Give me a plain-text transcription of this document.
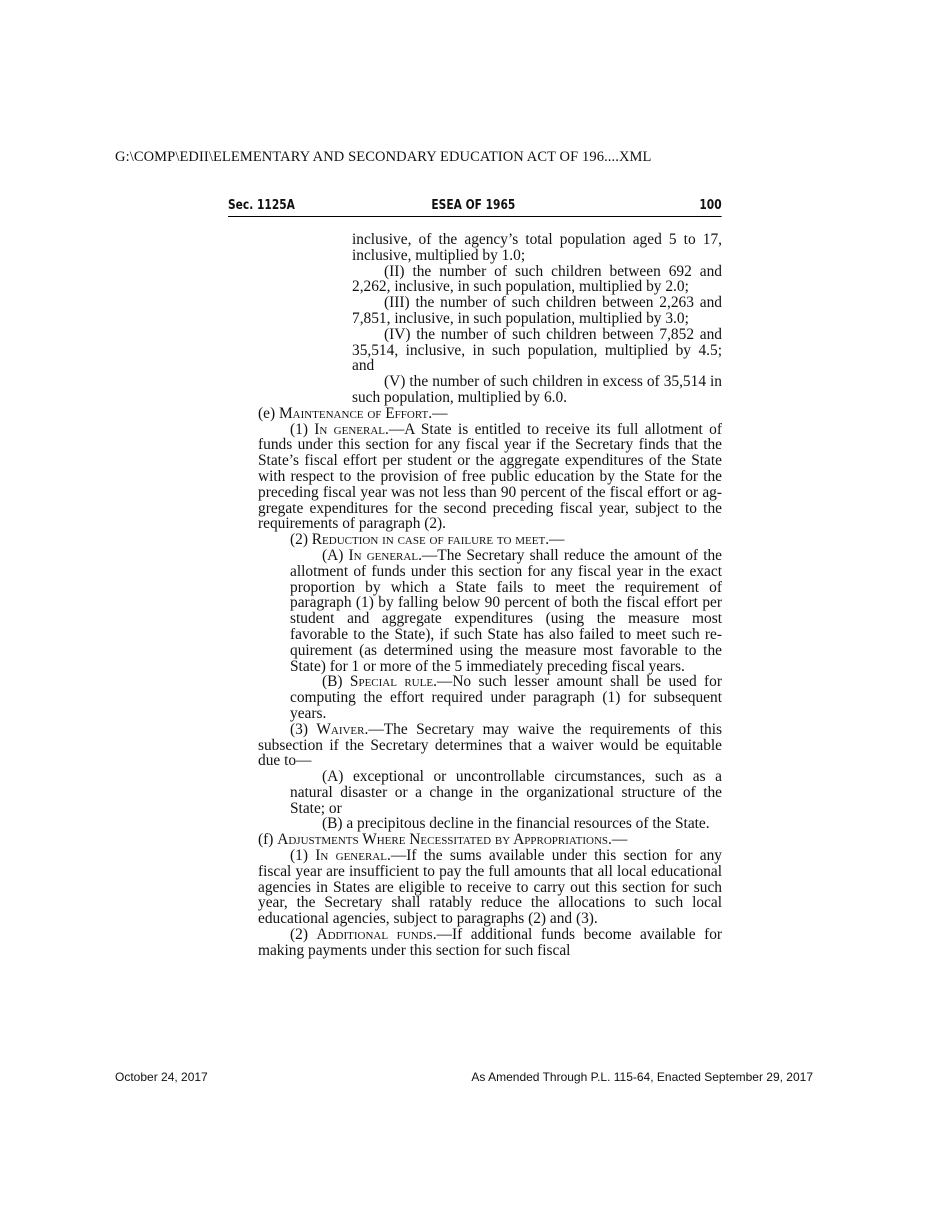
G:\COMP\EDII\ELEMENTARY AND SECONDARY EDUCATION ACT OF 196....XML
Sec. 1125A	ESEA OF 1965	100

inclusive, of the agency’s total population aged 5 to 17, inclusive, multiplied by 1.0;

(II) the number of such children between 692 and 2,262, inclusive, in such population, multiplied by 2.0;

(III) the number of such children between 2,263 and 7,851, inclusive, in such population, multiplied by 3.0;

(IV) the number of such children between 7,852 and 35,514, inclusive, in such population, multiplied by 4.5; and

(V) the number of such children in excess of 35,514 in such population, multiplied by 6.0.

(e) Maintenance of Effort.—

(1) In general.—A State is entitled to receive its full allotment of funds under this section for any fiscal year if the Secretary finds that the State’s fiscal effort per student or the aggregate expenditures of the State with respect to the provision of free public education by the State for the preceding fiscal year was not less than 90 percent of the fiscal effort or aggregate expenditures for the second preceding fiscal year, subject to the requirements of paragraph (2).

(2) Reduction in case of failure to meet.—

(A) In general.—The Secretary shall reduce the amount of the allotment of funds under this section for any fiscal year in the exact proportion by which a State fails to meet the requirement of paragraph (1) by falling below 90 percent of both the fiscal effort per student and aggregate expenditures (using the measure most favorable to the State), if such State has also failed to meet such requirement (as determined using the measure most favorable to the State) for 1 or more of the 5 immediately preceding fiscal years.

(B) Special rule.—No such lesser amount shall be used for computing the effort required under paragraph (1) for subsequent years.

(3) Waiver.—The Secretary may waive the requirements of this subsection if the Secretary determines that a waiver would be equitable due to—

(A) exceptional or uncontrollable circumstances, such as a natural disaster or a change in the organizational structure of the State; or

(B) a precipitous decline in the financial resources of the State.

(f) Adjustments Where Necessitated by Appropriations.—

(1) In general.—If the sums available under this section for any fiscal year are insufficient to pay the full amounts that all local educational agencies in States are eligible to receive to carry out this section for such year, the Secretary shall ratably reduce the allocations to such local educational agencies, subject to paragraphs (2) and (3).

(2) Additional funds.—If additional funds become available for making payments under this section for such fiscal

October 24, 2017	As Amended Through P.L. 115-64, Enacted September 29, 2017
